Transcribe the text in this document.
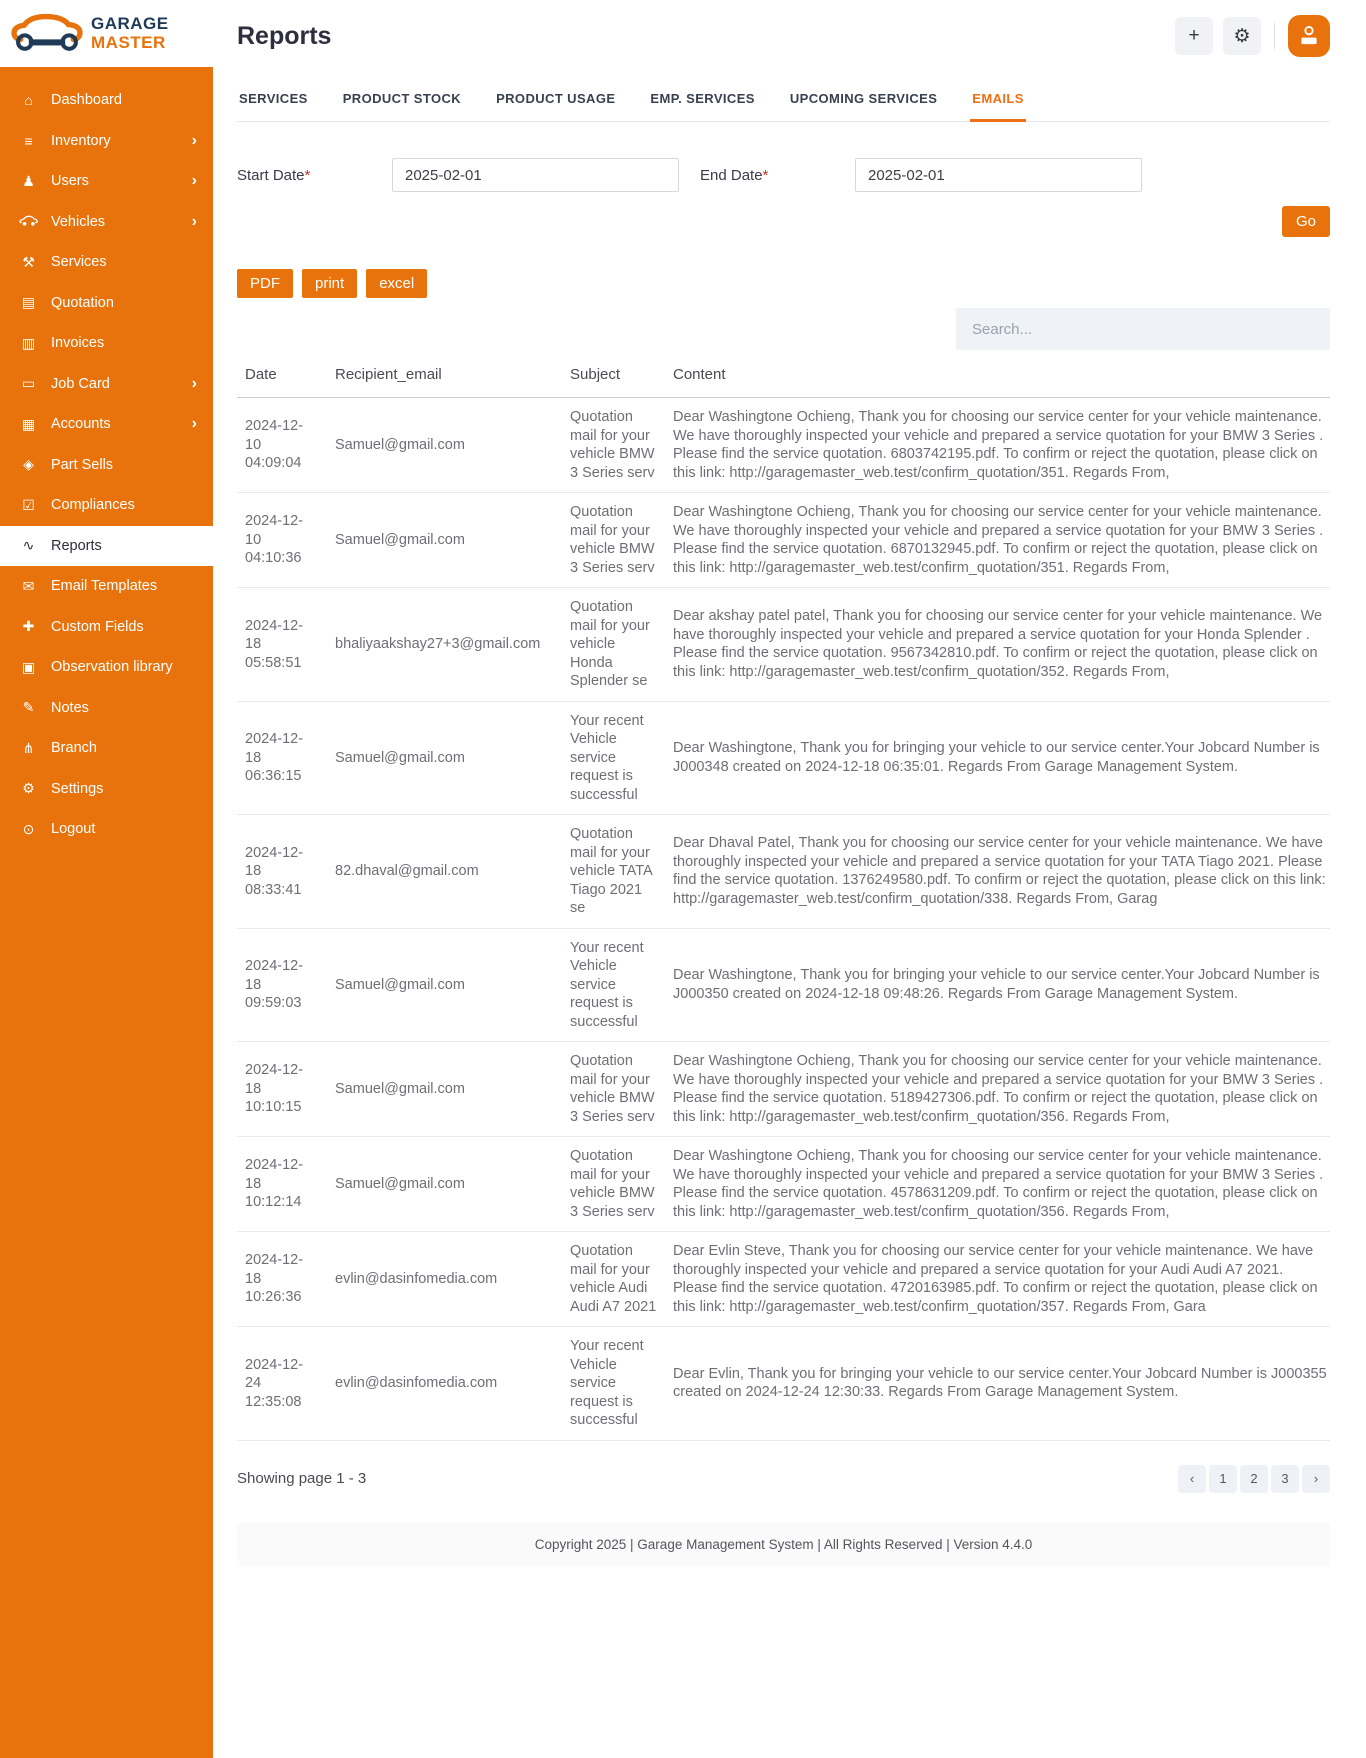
GARAGE
MASTER
⌂	Dashboard
≡	Inventory	›
♟ Users	›
Vehicles	›
⚒ Services
▤ Quotation
▥ Invoices
▭ Job Card	›
▦ Accounts	›
◈ Part Sells
☑ Compliances
∿ Reports
✉ Email Templates
✚ Custom Fields
▣ Observation library
✎ Notes
⋔ Branch
⚙ Settings
⊙ Logout
Reports	+ ⚙
SERVICES	PRODUCT STOCK	PRODUCT USAGE	EMP. SERVICES	UPCOMING SERVICES	EMAILS
Start Date*
2025-02-01	End Date*
2025-02-01
Go
PDF	print	excel
Search...
Date	Recipient_email	Subject	Content
2024-12-10 04:09:04	Samuel@gmail.com	Quotation mail for your vehicle BMW 3 Series serv	Dear Washingtone Ochieng, Thank you for choosing our service center for your vehicle maintenance. We have thoroughly inspected your vehicle and prepared a service quotation for your BMW 3 Series . Please find the service quotation. 6803742195.pdf. To confirm or reject the quotation, please click on this link: http://garagemaster_web.test/confirm_quotation/351. Regards From,
2024-12-10 04:10:36	Samuel@gmail.com	Quotation mail for your vehicle BMW 3 Series serv	Dear Washingtone Ochieng, Thank you for choosing our service center for your vehicle maintenance. We have thoroughly inspected your vehicle and prepared a service quotation for your BMW 3 Series . Please find the service quotation. 6870132945.pdf. To confirm or reject the quotation, please click on this link: http://garagemaster_web.test/confirm_quotation/351. Regards From,
2024-12-18 05:58:51	bhaliyaakshay27+3@gmail.com	Quotation mail for your vehicle Honda Splender se	Dear akshay patel patel, Thank you for choosing our service center for your vehicle maintenance. We have thoroughly inspected your vehicle and prepared a service quotation for your Honda Splender . Please find the service quotation. 9567342810.pdf. To confirm or reject the quotation, please click on this link: http://garagemaster_web.test/confirm_quotation/352. Regards From,
2024-12-18 06:36:15	Samuel@gmail.com	Your recent Vehicle service request is successful	Dear Washingtone, Thank you for bringing your vehicle to our service center.Your Jobcard Number is J000348 created on 2024-12-18 06:35:01. Regards From Garage Management System.
2024-12-18 08:33:41	82.dhaval@gmail.com	Quotation mail for your vehicle TATA Tiago 2021 se	Dear Dhaval Patel, Thank you for choosing our service center for your vehicle maintenance. We have thoroughly inspected your vehicle and prepared a service quotation for your TATA Tiago 2021. Please find the service quotation. 1376249580.pdf. To confirm or reject the quotation, please click on this link: http://garagemaster_web.test/confirm_quotation/338. Regards From, Garag
2024-12-18 09:59:03	Samuel@gmail.com	Your recent Vehicle service request is successful	Dear Washingtone, Thank you for bringing your vehicle to our service center.Your Jobcard Number is J000350 created on 2024-12-18 09:48:26. Regards From Garage Management System.
2024-12-18 10:10:15	Samuel@gmail.com	Quotation mail for your vehicle BMW 3 Series serv	Dear Washingtone Ochieng, Thank you for choosing our service center for your vehicle maintenance. We have thoroughly inspected your vehicle and prepared a service quotation for your BMW 3 Series . Please find the service quotation. 5189427306.pdf. To confirm or reject the quotation, please click on this link: http://garagemaster_web.test/confirm_quotation/356. Regards From,
2024-12-18 10:12:14	Samuel@gmail.com	Quotation mail for your vehicle BMW 3 Series serv	Dear Washingtone Ochieng, Thank you for choosing our service center for your vehicle maintenance. We have thoroughly inspected your vehicle and prepared a service quotation for your BMW 3 Series . Please find the service quotation. 4578631209.pdf. To confirm or reject the quotation, please click on this link: http://garagemaster_web.test/confirm_quotation/356. Regards From,
2024-12-18 10:26:36	evlin@dasinfomedia.com	Quotation mail for your vehicle Audi Audi A7 2021	Dear Evlin Steve, Thank you for choosing our service center for your vehicle maintenance. We have thoroughly inspected your vehicle and prepared a service quotation for your Audi Audi A7 2021. Please find the service quotation. 4720163985.pdf. To confirm or reject the quotation, please click on this link: http://garagemaster_web.test/confirm_quotation/357. Regards From, Gara
2024-12-24 12:35:08	evlin@dasinfomedia.com	Your recent Vehicle service request is successful	Dear Evlin, Thank you for bringing your vehicle to our service center.Your Jobcard Number is J000355 created on 2024-12-24 12:30:33. Regards From Garage Management System.
Showing page 1 - 3	‹	1	2	3	›
Copyright 2025 | Garage Management System | All Rights Reserved | Version 4.4.0
